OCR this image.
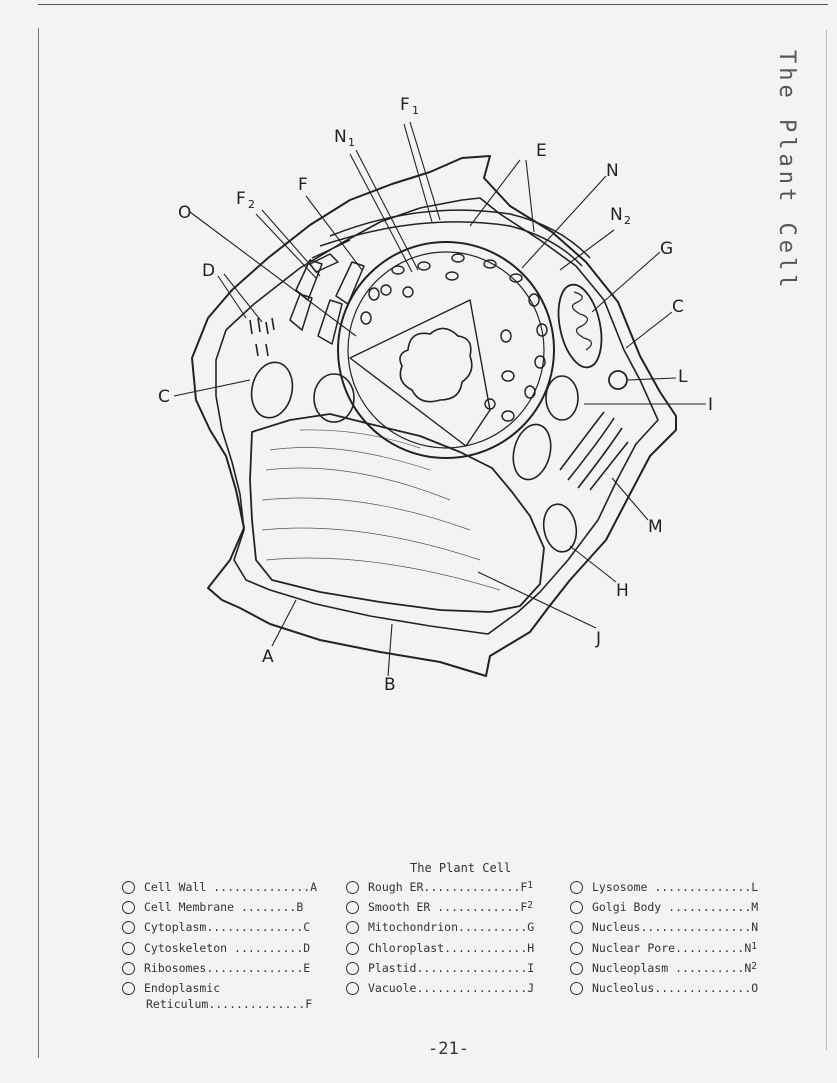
The Plant Cell
F 1
N 1	E
N
N 2
F 2
F
O
D
G
C
C
L
I
M
H
J
A
B
The Plant Cell
Cell Wall .............. A
Cell Membrane ........ B
Cytoplasm .............. C
Cytoskeleton .......... D
Ribosomes .............. E
Endoplasmic
Reticulum .............. F
Rough ER .............. F 1
Smooth ER ............ F 2
Mitochondrion .......... G
Chloroplast ............ H
Plastid ................ I
Vacuole ................ J
Lysosome .............. L
Golgi Body ............ M
Nucleus ................ N
Nuclear Pore .......... N 1
Nucleoplasm .......... N 2
Nucleolus .............. O
-21-
